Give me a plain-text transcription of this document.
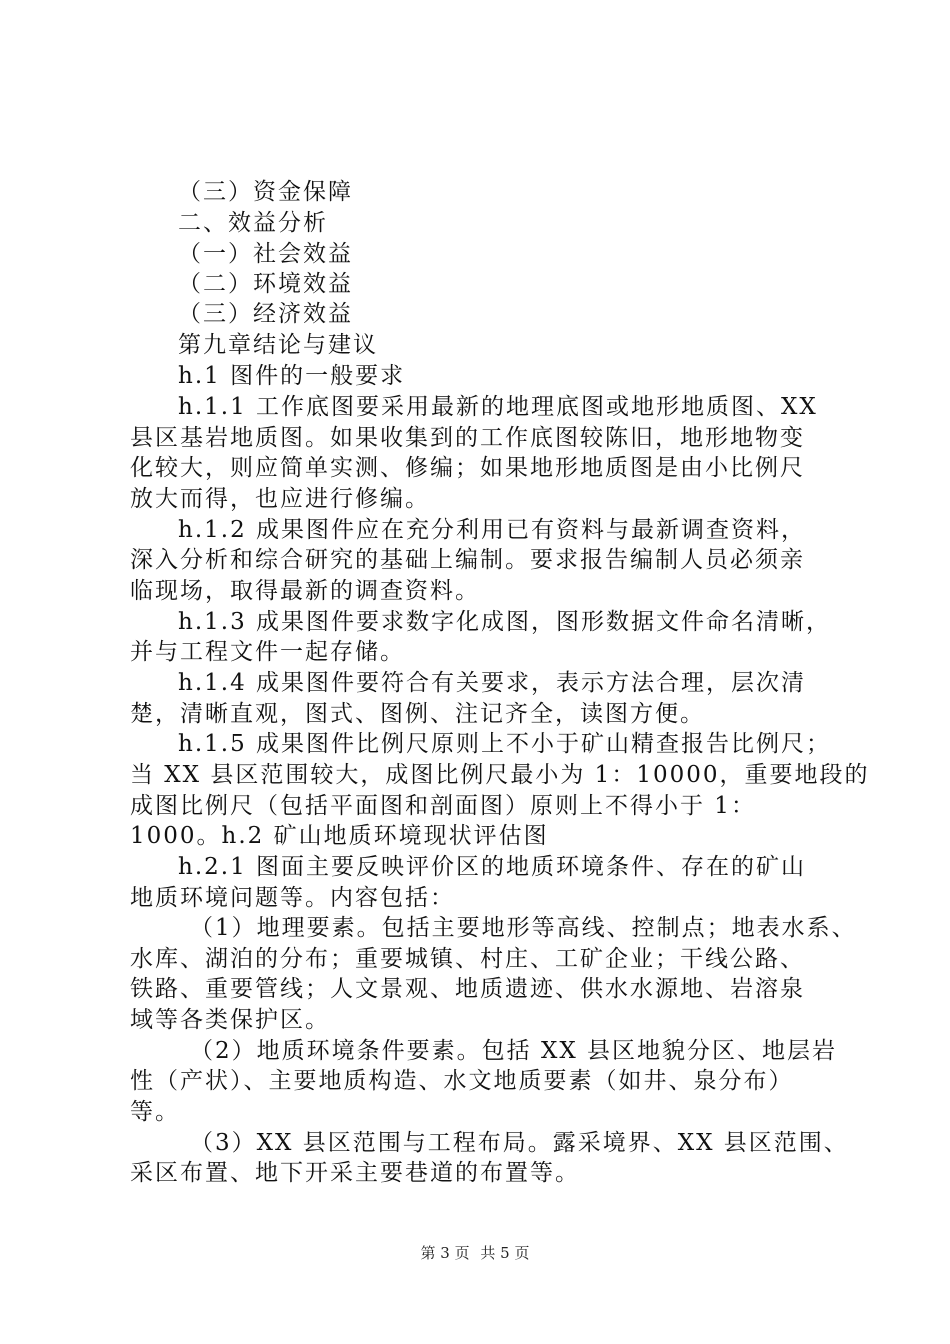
（三）资金保障
二、效益分析
（一）社会效益
（二）环境效益
（三）经济效益
第九章结论与建议
h.1 图件的一般要求
h.1.1 工作底图要采用最新的地理底图或地形地质图、XX
县区基岩地质图。如果收集到的工作底图较陈旧，地形地物变
化较大，则应简单实测、修编；如果地形地质图是由小比例尺
放大而得，也应进行修编。
h.1.2 成果图件应在充分利用已有资料与最新调查资料，
深入分析和综合研究的基础上编制。要求报告编制人员必须亲
临现场，取得最新的调查资料。
h.1.3 成果图件要求数字化成图，图形数据文件命名清晰，
并与工程文件一起存储。
h.1.4 成果图件要符合有关要求，表示方法合理，层次清
楚，清晰直观，图式、图例、注记齐全，读图方便。
h.1.5 成果图件比例尺原则上不小于矿山精查报告比例尺；
当 XX 县区范围较大，成图比例尺最小为 1：10000，重要地段的
成图比例尺（包括平面图和剖面图）原则上不得小于 1：
1000。h.2 矿山地质环境现状评估图
h.2.1 图面主要反映评价区的地质环境条件、存在的矿山
地质环境问题等。内容包括：
（1）地理要素。包括主要地形等高线、控制点；地表水系、
水库、湖泊的分布；重要城镇、村庄、工矿企业；干线公路、
铁路、重要管线；人文景观、地质遗迹、供水水源地、岩溶泉
域等各类保护区。
（2）地质环境条件要素。包括 XX 县区地貌分区、地层岩
性（产状）、主要地质构造、水文地质要素（如井、泉分布）
等。
（3）XX 县区范围与工程布局。露采境界、XX 县区范围、
采区布置、地下开采主要巷道的布置等。
第 3 页 共 5 页
